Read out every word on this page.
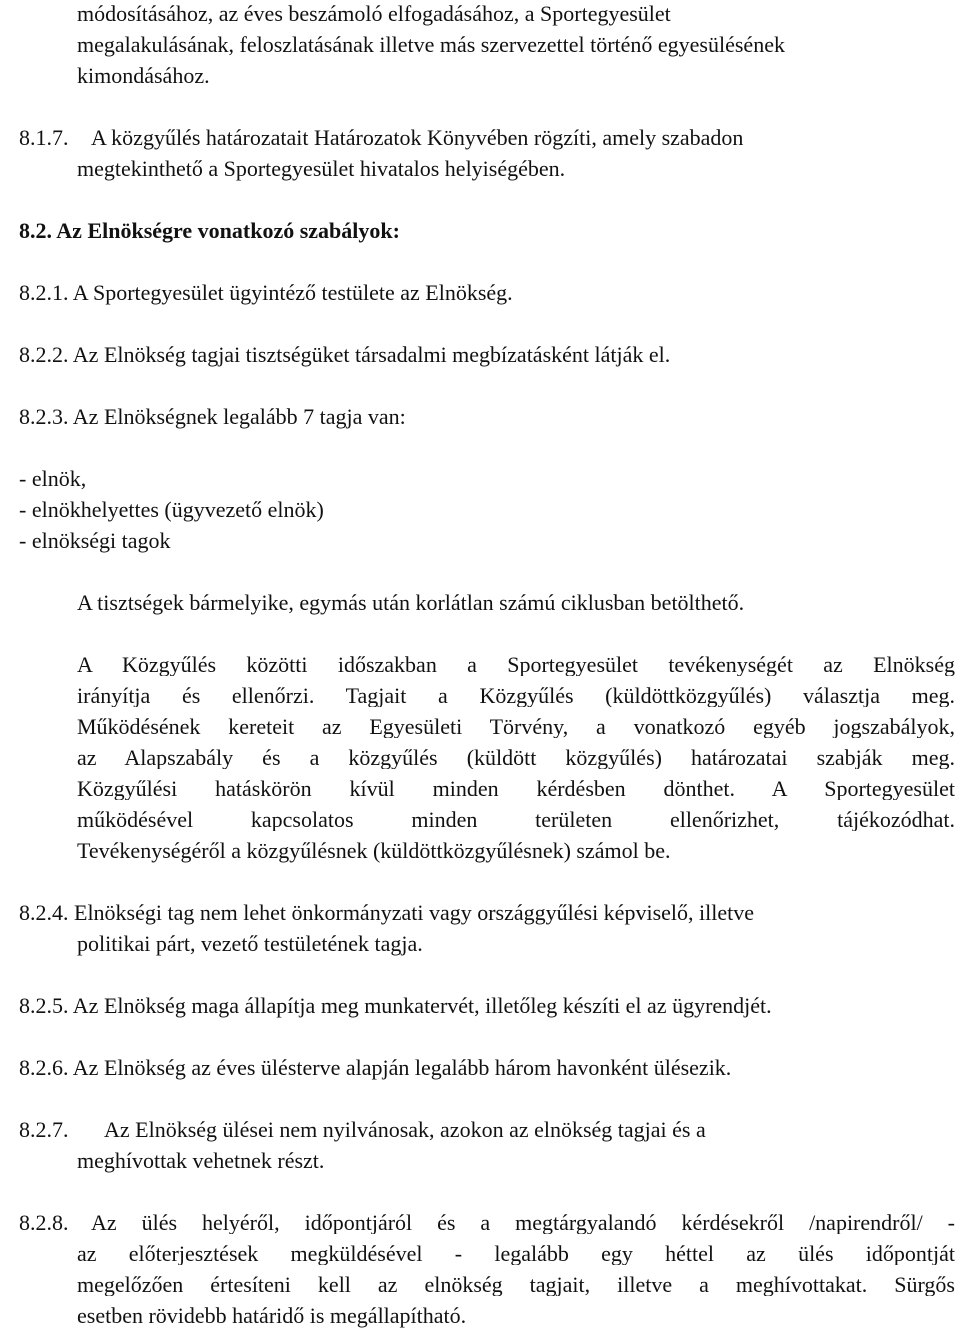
módosításához, az éves beszámoló elfogadásához, a Sportegyesület
megalakulásának, feloszlatásának illetve más szervezettel történő egyesülésének
kimondásához.
8.1.7. A közgyűlés határozatait Határozatok Könyvében rögzíti, amely szabadon
megtekinthető a Sportegyesület hivatalos helyiségében.
8.2. Az Elnökségre vonatkozó szabályok:
8.2.1. A Sportegyesület ügyintéző testülete az Elnökség.
8.2.2. Az Elnökség tagjai tisztségüket társadalmi megbízatásként látják el.
8.2.3. Az Elnökségnek legalább 7 tagja van:
- elnök,
- elnökhelyettes (ügyvezető elnök)
- elnökségi tagok
A tisztségek bármelyike, egymás után korlátlan számú ciklusban betölthető.
A Közgyűlés közötti időszakban a Sportegyesület tevékenységét az Elnökség
irányítja és ellenőrzi. Tagjait a Közgyűlés (küldöttközgyűlés) választja meg.
Működésének kereteit az Egyesületi Törvény, a vonatkozó egyéb jogszabályok,
az Alapszabály és a közgyűlés (küldött közgyűlés) határozatai szabják meg.
Közgyűlési hatáskörön kívül minden kérdésben dönthet. A Sportegyesület
működésével kapcsolatos minden területen ellenőrizhet, tájékozódhat.
Tevékenységéről a közgyűlésnek (küldöttközgyűlésnek) számol be.
8.2.4. Elnökségi tag nem lehet önkormányzati vagy országgyűlési képviselő, illetve
politikai párt, vezető testületének tagja.
8.2.5. Az Elnökség maga állapítja meg munkatervét, illetőleg készíti el az ügyrendjét.
8.2.6. Az Elnökség az éves ülésterve alapján legalább három havonként ülésezik.
8.2.7. Az Elnökség ülései nem nyilvánosak, azokon az elnökség tagjai és a
meghívottak vehetnek részt.
8.2.8. Az ülés helyéről, időpontjáról és a megtárgyalandó kérdésekről /napirendről/ -
az előterjesztések megküldésével - legalább egy héttel az ülés időpontját
megelőzően értesíteni kell az elnökség tagjait, illetve a meghívottakat. Sürgős
esetben rövidebb határidő is megállapítható.
